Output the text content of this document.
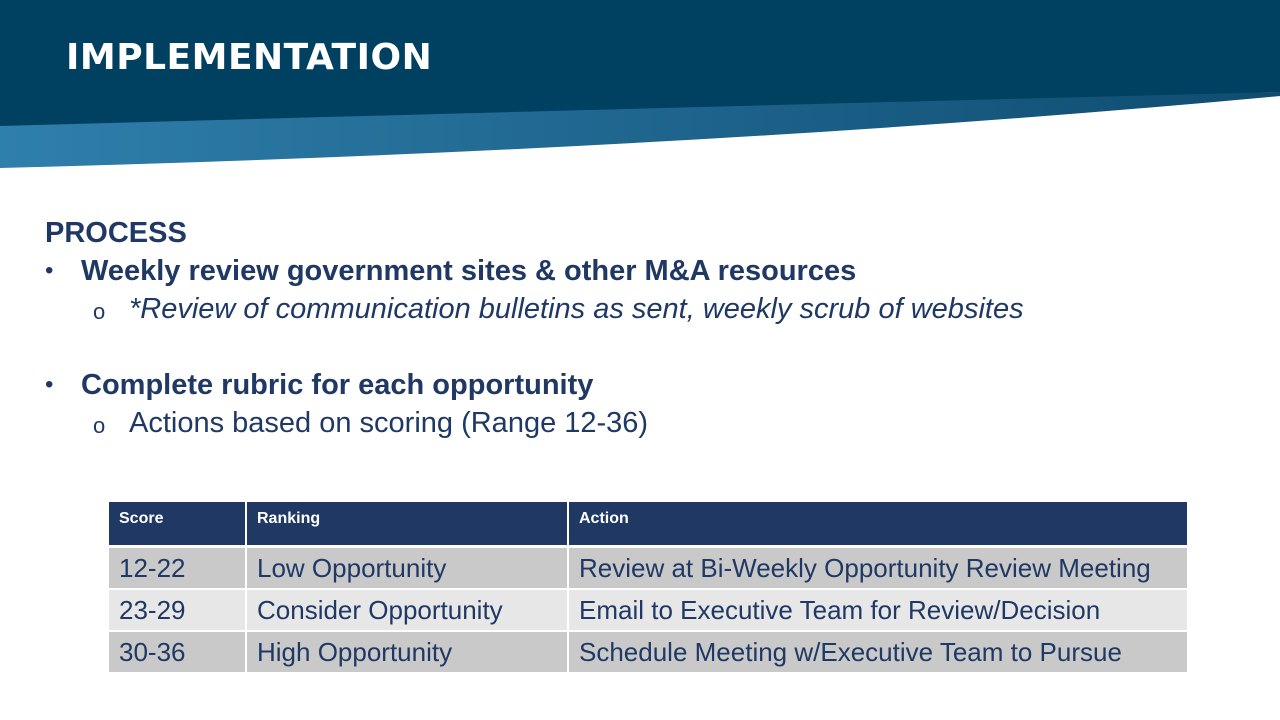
IMPLEMENTATION

PROCESS

• Weekly review government sites & other M&A resources

o *Review of communication bulletins as sent, weekly scrub of websites

• Complete rubric for each opportunity

o Actions based on scoring (Range 12-36)

Score	Ranking	Action
12-22	Low Opportunity	Review at Bi-Weekly Opportunity Review Meeting
23-29	Consider Opportunity	Email to Executive Team for Review/Decision
30-36	High Opportunity	Schedule Meeting w/Executive Team to Pursue
